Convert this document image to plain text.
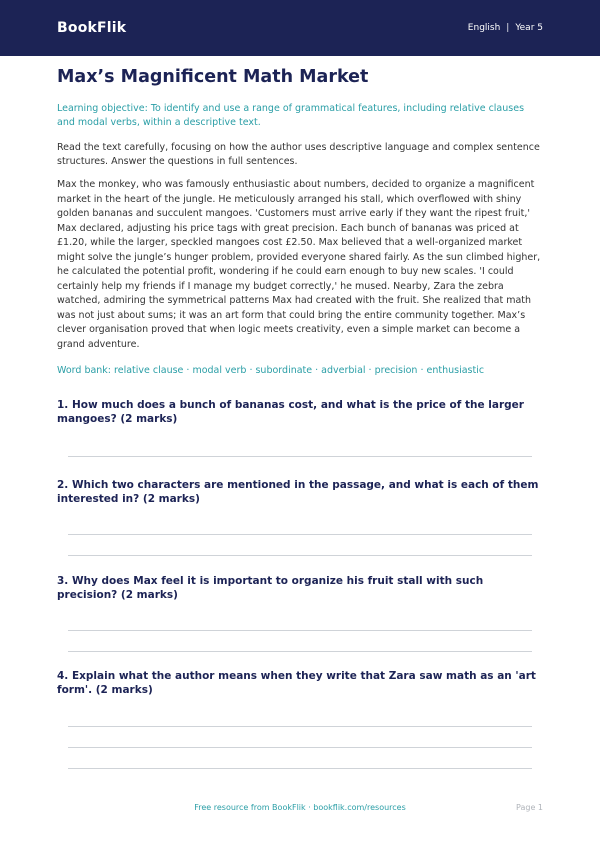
BookFlik	English | Year 5
Max’s Magnificent Math Market

Learning objective: To identify and use a range of grammatical features, including relative clauses and modal verbs, within a descriptive text.

Read the text carefully, focusing on how the author uses descriptive language and complex sentence structures. Answer the questions in full sentences.

Max the monkey, who was famously enthusiastic about numbers, decided to organize a magnificent market in the heart of the jungle. He meticulously arranged his stall, which overflowed with shiny golden bananas and succulent mangoes. 'Customers must arrive early if they want the ripest fruit,' Max declared, adjusting his price tags with great precision. Each bunch of bananas was priced at £1.20, while the larger, speckled mangoes cost £2.50. Max believed that a well-organized market might solve the jungle’s hunger problem, provided everyone shared fairly. As the sun climbed higher, he calculated the potential profit, wondering if he could earn enough to buy new scales. 'I could certainly help my friends if I manage my budget correctly,' he mused. Nearby, Zara the zebra watched, admiring the symmetrical patterns Max had created with the fruit. She realized that math was not just about sums; it was an art form that could bring the entire community together. Max’s clever organisation proved that when logic meets creativity, even a simple market can become a grand adventure.

Word bank: relative clause · modal verb · subordinate · adverbial · precision · enthusiastic

1. How much does a bunch of bananas cost, and what is the price of the larger mangoes? (2 marks)

2. Which two characters are mentioned in the passage, and what is each of them interested in? (2 marks)

3. Why does Max feel it is important to organize his fruit stall with such precision? (2 marks)

4. Explain what the author means when they write that Zara saw math as an 'art form'. (2 marks)

Free resource from BookFlik · bookflik.com/resources	Page 1
